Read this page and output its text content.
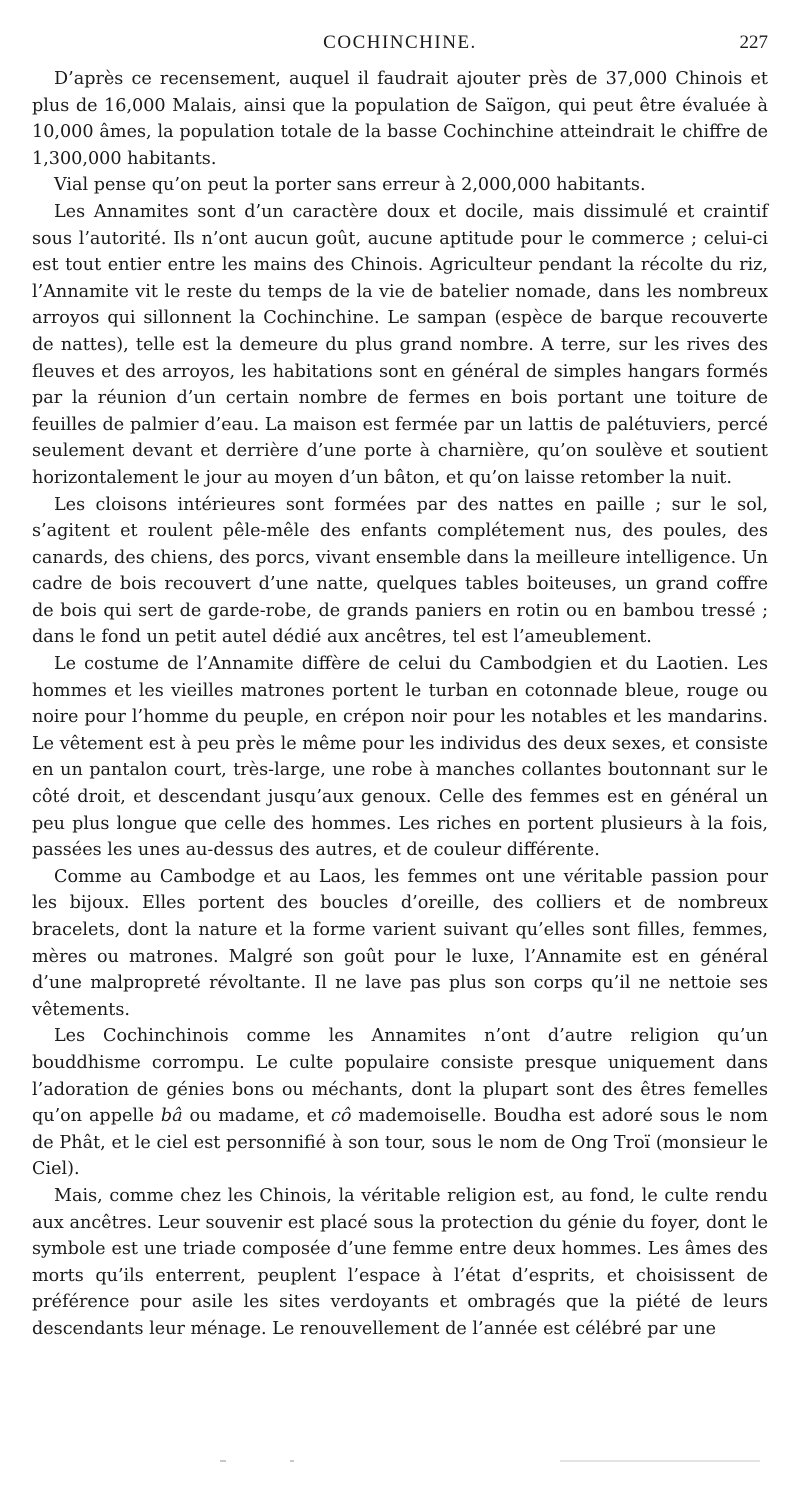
COCHINCHINE.	227

D’après ce recensement, auquel il faudrait ajouter près de 37,000 Chinois et plus de 16,000 Malais, ainsi que la population de Saïgon, qui peut être évaluée à 10,000 âmes, la population totale de la basse Cochinchine atteindrait le chiffre de 1,300,000 habitants.

Vial pense qu’on peut la porter sans erreur à 2,000,000 habitants.

Les Annamites sont d’un caractère doux et docile, mais dissimulé et craintif sous l’autorité. Ils n’ont aucun goût, aucune aptitude pour le commerce ; celui-ci est tout entier entre les mains des Chinois. Agriculteur pendant la récolte du riz, l’Annamite vit le reste du temps de la vie de batelier nomade, dans les nombreux arroyos qui sillonnent la Cochinchine. Le sampan (espèce de barque recouverte de nattes), telle est la demeure du plus grand nombre. A terre, sur les rives des fleuves et des arroyos, les habitations sont en général de simples hangars formés par la réunion d’un certain nombre de fermes en bois portant une toiture de feuilles de palmier d’eau. La maison est fermée par un lattis de palétuviers, percé seulement devant et derrière d’une porte à charnière, qu’on soulève et soutient horizontalement le jour au moyen d’un bâton, et qu’on laisse retomber la nuit.

Les cloisons intérieures sont formées par des nattes en paille ; sur le sol, s’agitent et roulent pêle-mêle des enfants complétement nus, des poules, des canards, des chiens, des porcs, vivant ensemble dans la meilleure intelligence. Un cadre de bois recouvert d’une natte, quelques tables boiteuses, un grand coffre de bois qui sert de garde-robe, de grands paniers en rotin ou en bambou tressé ; dans le fond un petit autel dédié aux ancêtres, tel est l’ameublement.

Le costume de l’Annamite diffère de celui du Cambodgien et du Laotien. Les hommes et les vieilles matrones portent le turban en cotonnade bleue, rouge ou noire pour l’homme du peuple, en crépon noir pour les notables et les mandarins. Le vêtement est à peu près le même pour les individus des deux sexes, et consiste en un pantalon court, très-large, une robe à manches collantes boutonnant sur le côté droit, et descendant jusqu’aux genoux. Celle des femmes est en général un peu plus longue que celle des hommes. Les riches en portent plusieurs à la fois, passées les unes au-dessus des autres, et de couleur différente.

Comme au Cambodge et au Laos, les femmes ont une véritable passion pour les bijoux. Elles portent des boucles d’oreille, des colliers et de nombreux bracelets, dont la nature et la forme varient suivant qu’elles sont filles, femmes, mères ou matrones. Malgré son goût pour le luxe, l’Annamite est en général d’une malpropreté révoltante. Il ne lave pas plus son corps qu’il ne nettoie ses vêtements.

Les Cochinchinois comme les Annamites n’ont d’autre religion qu’un bouddhisme corrompu. Le culte populaire consiste presque uniquement dans l’adoration de génies bons ou méchants, dont la plupart sont des êtres femelles qu’on appelle bâ ou madame, et cô mademoiselle. Boudha est adoré sous le nom de Phât, et le ciel est personnifié à son tour, sous le nom de Ong Troï (monsieur le Ciel).

Mais, comme chez les Chinois, la véritable religion est, au fond, le culte rendu aux ancêtres. Leur souvenir est placé sous la protection du génie du foyer, dont le symbole est une triade composée d’une femme entre deux hommes. Les âmes des morts qu’ils enterrent, peuplent l’espace à l’état d’esprits, et choisissent de préférence pour asile les sites verdoyants et ombragés que la piété de leurs descendants leur ménage. Le renouvellement de l’année est célébré par une
